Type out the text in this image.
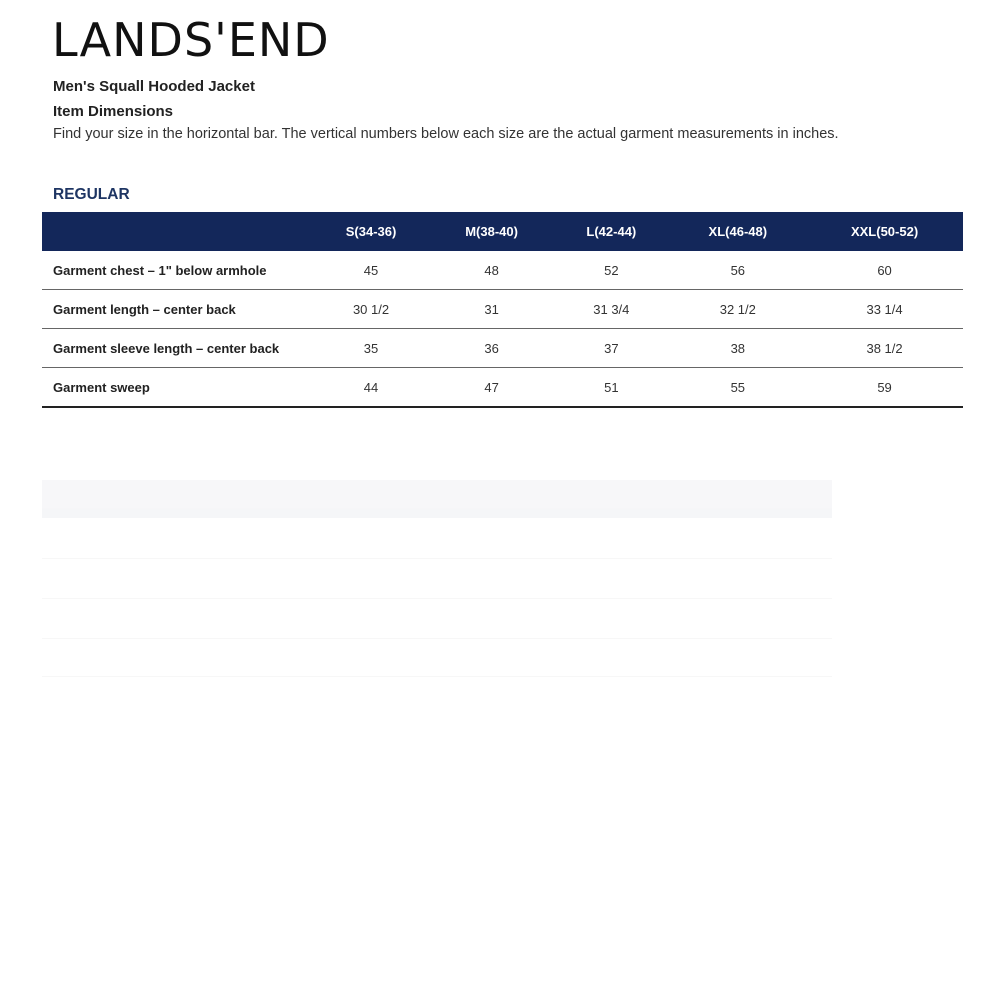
LANDS'END
Men's Squall Hooded Jacket
Item Dimensions
Find your size in the horizontal bar. The vertical numbers below each size are the actual garment measurements in inches.
REGULAR
	S(34-36)	M(38-40)	L(42-44)	XL(46-48)	XXL(50-52)
Garment chest – 1" below armhole	45	48	52	56	60
Garment length – center back	30 1/2	31	31 3/4	32 1/2	33 1/4
Garment sleeve length – center back	35	36	37	38	38 1/2
Garment sweep	44	47	51	55	59
